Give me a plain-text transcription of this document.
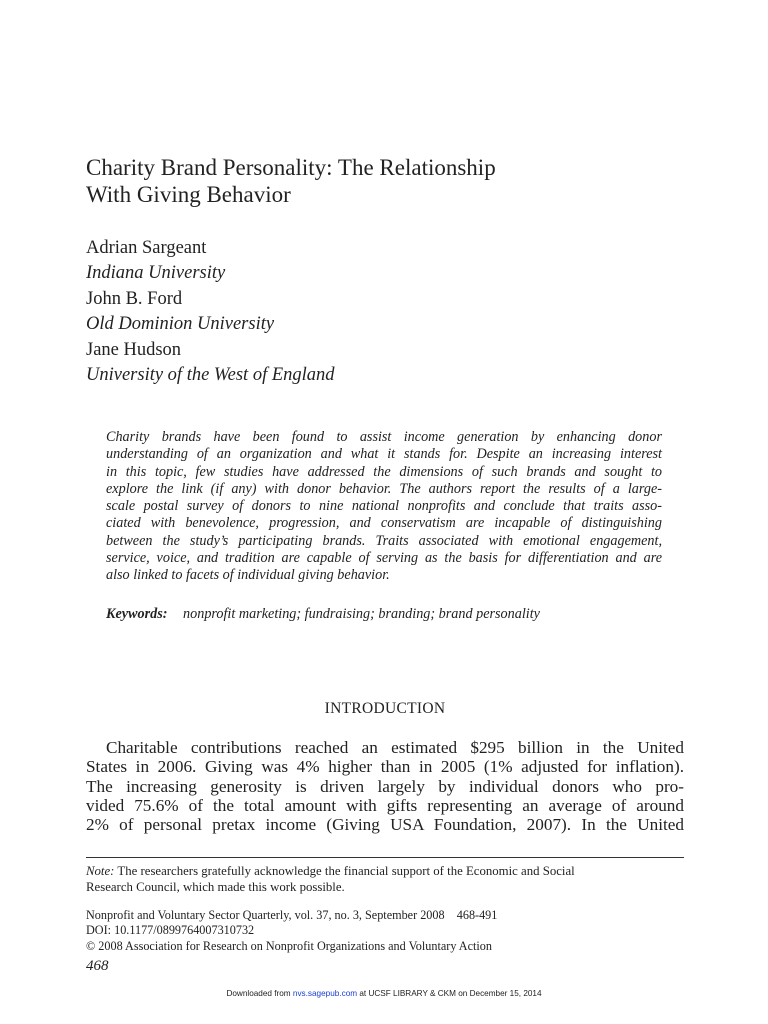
Charity Brand Personality: The Relationship
With Giving Behavior
Adrian Sargeant
Indiana University
John B. Ford
Old Dominion University
Jane Hudson
University of the West of England
Charity brands have been found to assist income generation by enhancing donor
understanding of an organization and what it stands for. Despite an increasing interest
in this topic, few studies have addressed the dimensions of such brands and sought to
explore the link (if any) with donor behavior. The authors report the results of a large-
scale postal survey of donors to nine national nonprofits and conclude that traits asso-
ciated with benevolence, progression, and conservatism are incapable of distinguishing
between the study’s participating brands. Traits associated with emotional engagement,
service, voice, and tradition are capable of serving as the basis for differentiation and are
also linked to facets of individual giving behavior.
Keywords: nonprofit marketing; fundraising; branding; brand personality
INTRODUCTION
Charitable contributions reached an estimated $295 billion in the United
States in 2006. Giving was 4% higher than in 2005 (1% adjusted for inflation).
The increasing generosity is driven largely by individual donors who pro-
vided 75.6% of the total amount with gifts representing an average of around
2% of personal pretax income (Giving USA Foundation, 2007). In the United
Note: The researchers gratefully acknowledge the financial support of the Economic and Social
Research Council, which made this work possible.
Nonprofit and Voluntary Sector Quarterly, vol. 37, no. 3, September 2008    468-491
DOI: 10.1177/0899764007310732
© 2008 Association for Research on Nonprofit Organizations and Voluntary Action
468
Downloaded from nvs.sagepub.com at UCSF LIBRARY & CKM on December 15, 2014
